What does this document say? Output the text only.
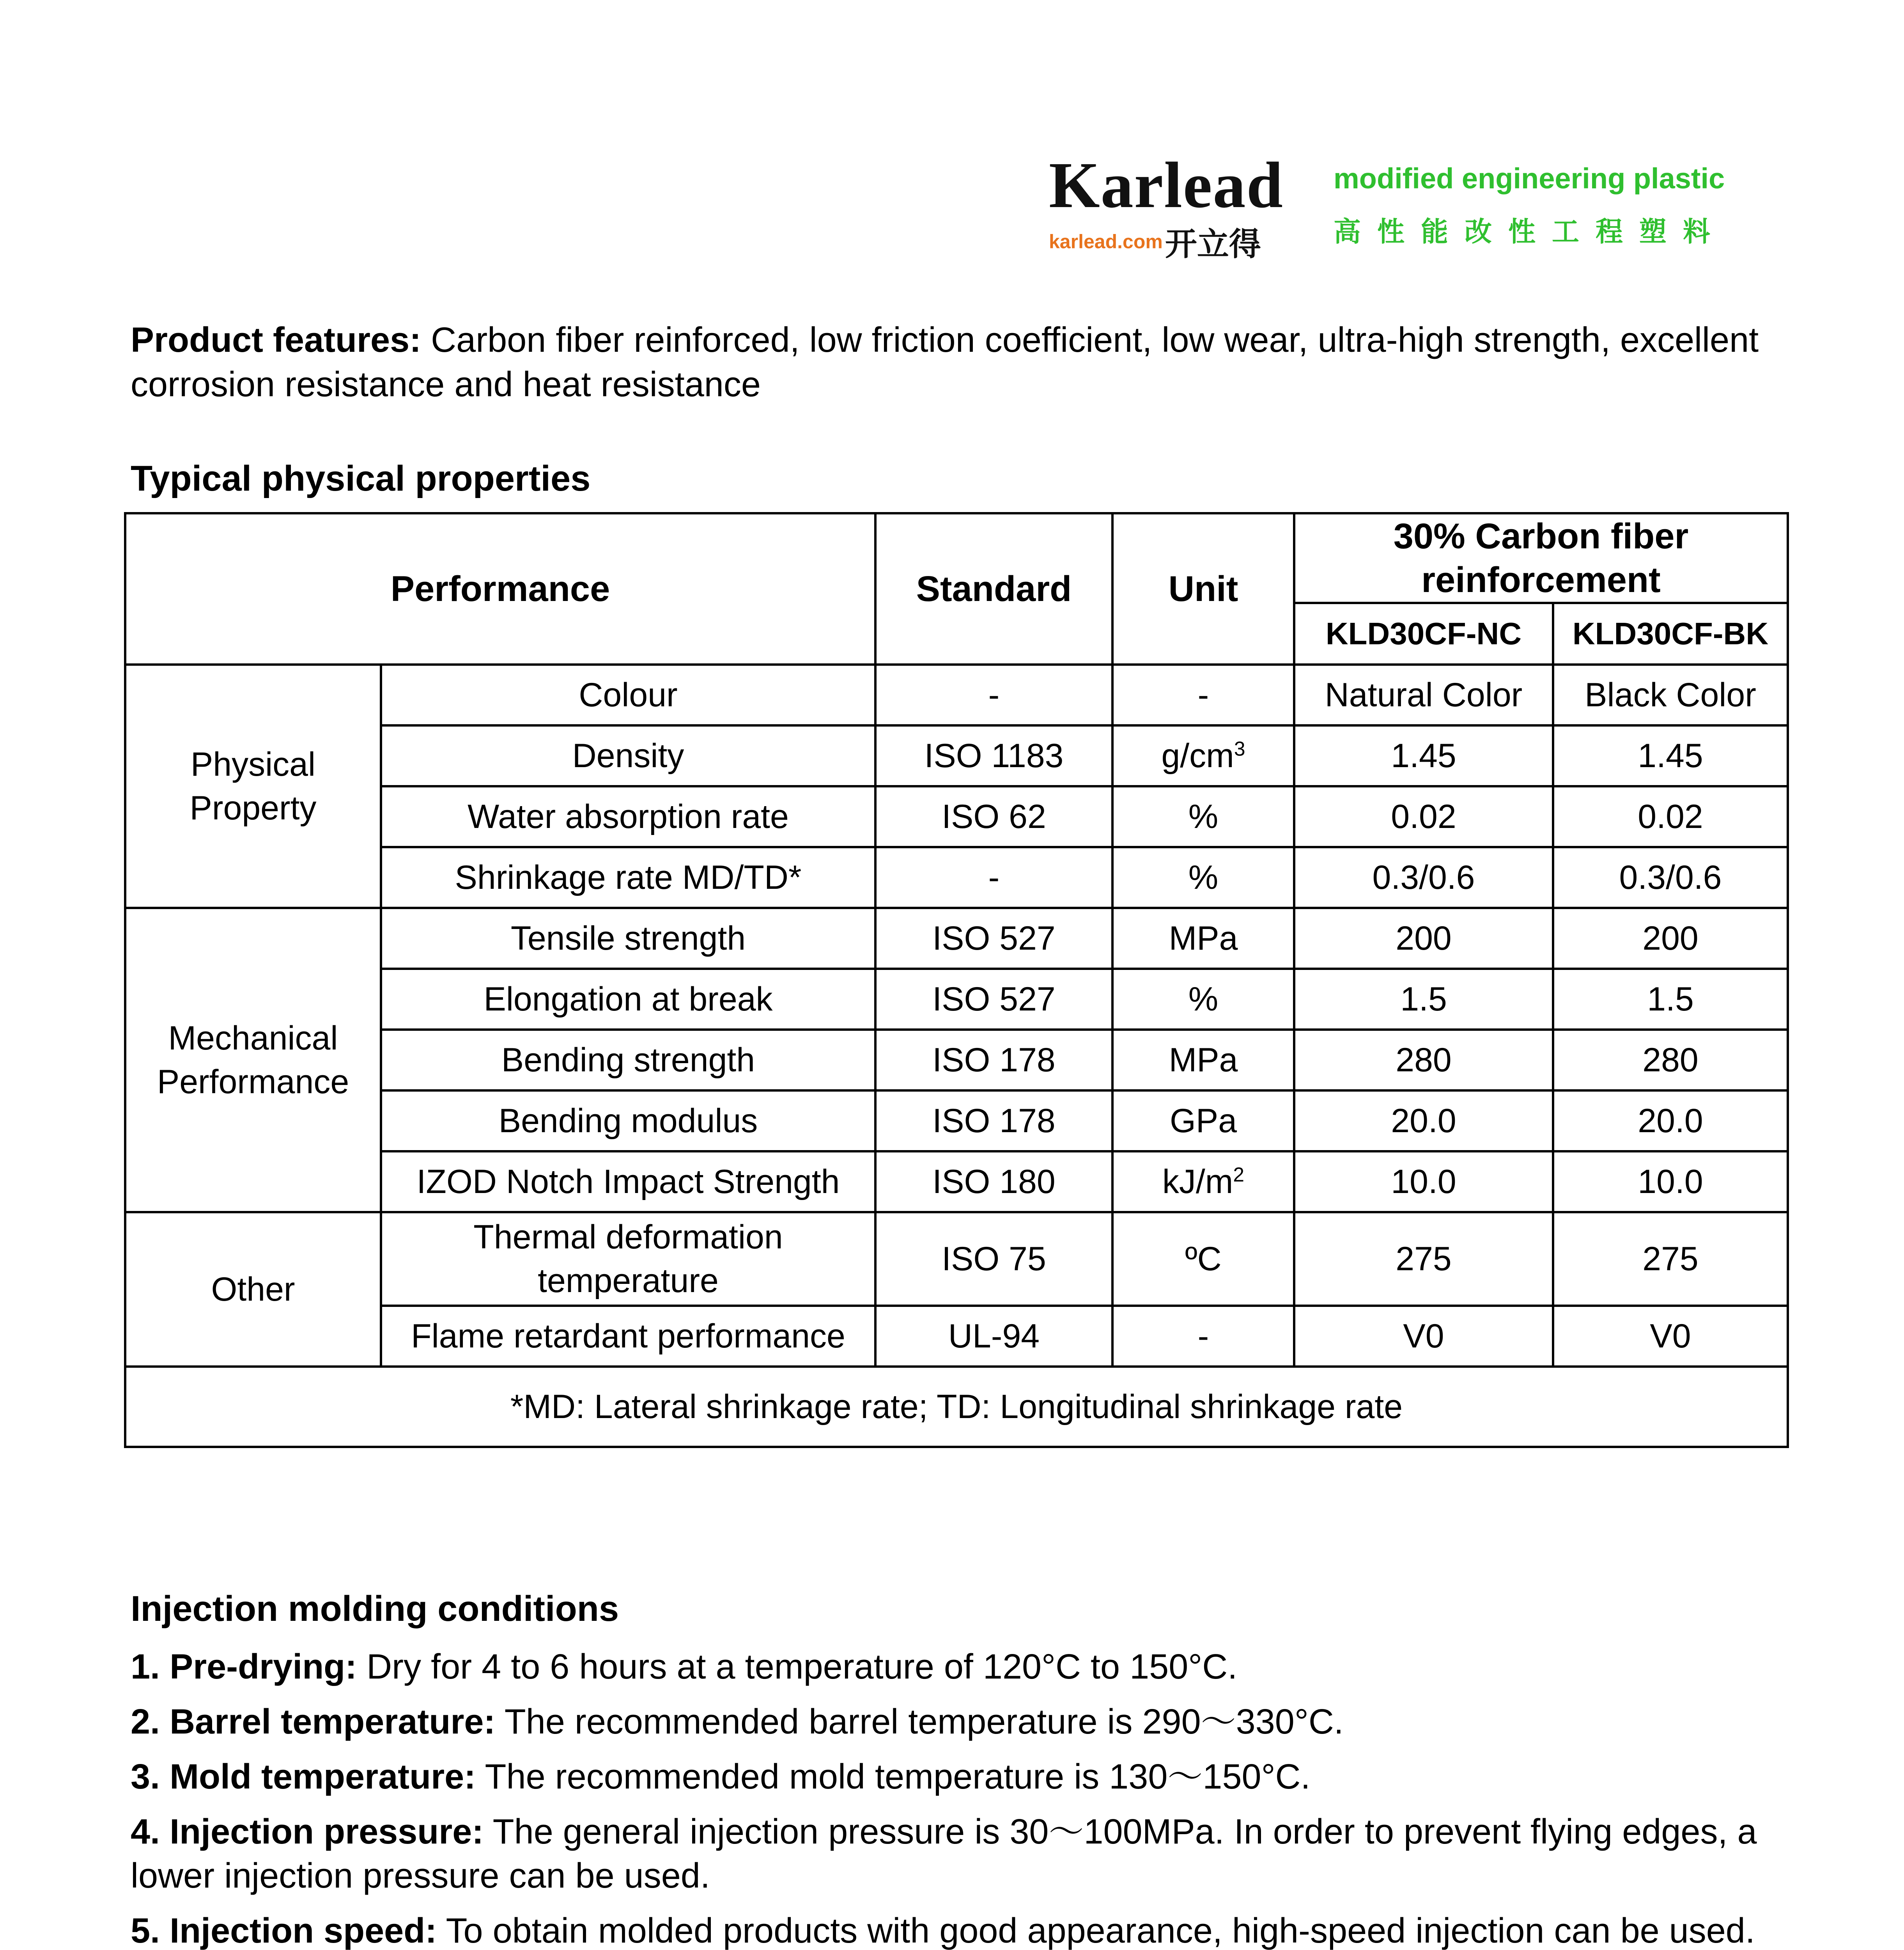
Karlead
karlead.com开立得
modified engineering plastic
高性能改性工程塑料
Product features: Carbon fiber reinforced, low friction coefficient, low wear, ultra-high strength, excellent corrosion resistance and heat resistance
Typical physical properties
Performance		Standard	Unit	30% Carbon fiber reinforcement	
				KLD30CF-NC	KLD30CF-BK
Physical Property	Colour	-	-	Natural Color	Black Color
	Density	ISO 1183	$g/cm^3$	1.45	1.45
	Water absorption rate	ISO 62	%	0.02	0.02
	Shrinkage rate MD/TD*	-	%	0.3/0.6	0.3/0.6
Mechanical Performance	Tensile strength	ISO 527	MPa	200	200
	Elongation at break	ISO 527	%	1.5	1.5
	Bending strength	ISO 178	MPa	280	280
	Bending modulus	ISO 178	GPa	20.0	20.0
	IZOD Notch Impact Strength	ISO 180	$kJ/m^2$	10.0	10.0
Other	Thermal deformation temperature	ISO 75	ºC	275	275
	Flame retardant performance	UL-94	-	V0	V0
*MD: Lateral shrinkage rate; TD: Longitudinal shrinkage rate					
Injection molding conditions
1. Pre-drying: Dry for 4 to 6 hours at a temperature of 120°C to 150°C.
2. Barrel temperature: The recommended barrel temperature is 290～330°C.
3. Mold temperature: The recommended mold temperature is 130～150°C.
4. Injection pressure: The general injection pressure is 30～100MPa. In order to prevent flying edges, a lower injection pressure can be used.
5. Injection speed: To obtain molded products with good appearance, high-speed injection can be used.
